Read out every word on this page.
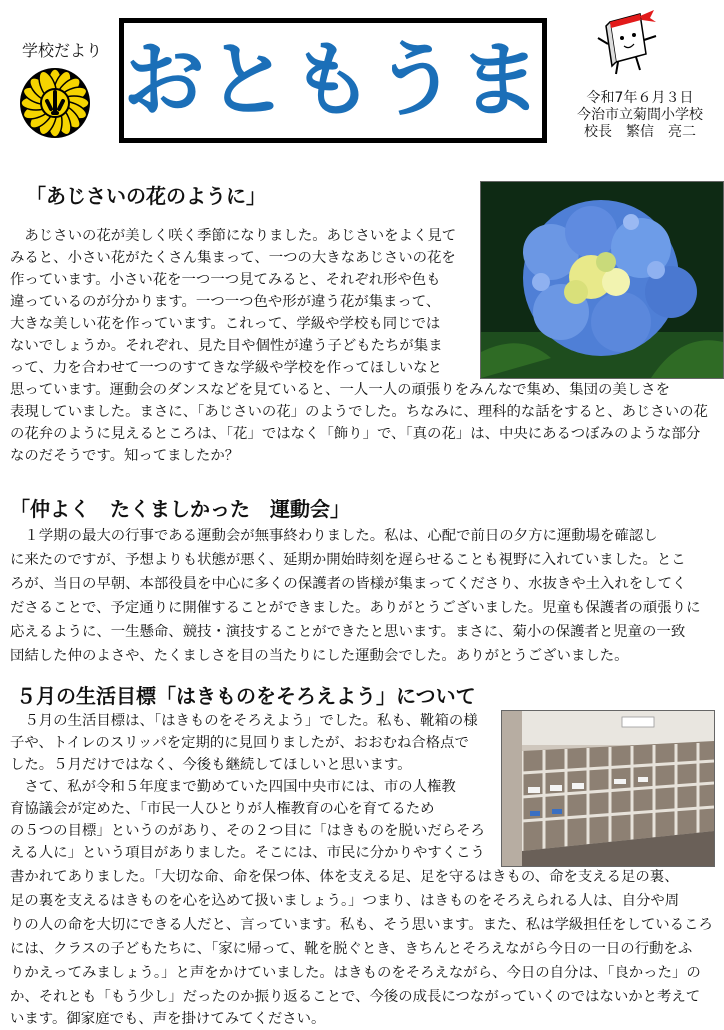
学校だより おともうま	令和7年６月３日
今治市立菊間小学校
校長　繁信　亮二
「あじさいの花のように」
　あじさいの花が美しく咲く季節になりました。あじさいをよく見て
みると、小さい花がたくさん集まって、一つの大きなあじさいの花を
作っています。小さい花を一つ一つ見てみると、それぞれ形や色も
違っているのが分かります。一つ一つ色や形が違う花が集まって、
大きな美しい花を作っています。これって、学級や学校も同じでは
ないでしょうか。それぞれ、見た目や個性が違う子どもたちが集ま
って、力を合わせて一つのすてきな学級や学校を作ってほしいなと
思っています。運動会のダンスなどを見ていると、一人一人の頑張りをみんなで集め、集団の美しさを
表現していました。まさに、「あじさいの花」のようでした。ちなみに、理科的な話をすると、あじさいの花
の花弁のように見えるところは、「花」ではなく「飾り」で、「真の花」は、中央にあるつぼみのような部分
なのだそうです。知ってましたか？
「仲よく　たくましかった　運動会」
　１学期の最大の行事である運動会が無事終わりました。私は、心配で前日の夕方に運動場を確認し
に来たのですが、予想よりも状態が悪く、延期か開始時刻を遅らせることも視野に入れていました。とこ
ろが、当日の早朝、本部役員を中心に多くの保護者の皆様が集まってくださり、水抜きや土入れをしてく
ださることで、予定通りに開催することができました。ありがとうございました。児童も保護者の頑張りに
応えるように、一生懸命、競技・演技することができたと思います。まさに、菊小の保護者と児童の一致
団結した仲のよさや、たくましさを目の当たりにした運動会でした。ありがとうございました。
５月の生活目標「はきものをそろえよう」について
　５月の生活目標は、「はきものをそろえよう」でした。私も、靴箱の様
子や、トイレのスリッパを定期的に見回りましたが、おおむね合格点で
した。５月だけではなく、今後も継続してほしいと思います。
　さて、私が令和５年度まで勤めていた四国中央市には、市の人権教
育協議会が定めた、「市民一人ひとりが人権教育の心を育てるため
の５つの目標」というのがあり、その２つ目に「はきものを脱いだらそろ
える人に」という項目がありました。そこには、市民に分かりやすくこう
書かれてありました。「大切な命、命を保つ体、体を支える足、足を守るはきもの、命を支える足の裏、
足の裏を支えるはきものを心を込めて扱いましょう。」つまり、はきものをそろえられる人は、自分や周
りの人の命を大切にできる人だと、言っています。私も、そう思います。また、私は学級担任をしているころ
には、クラスの子どもたちに、「家に帰って、靴を脱ぐとき、きちんとそろえながら今日の一日の行動をふ
りかえってみましょう。」と声をかけていました。はきものをそろえながら、今日の自分は、「良かった」の
か、それとも「もう少し」だったのか振り返ることで、今後の成長につながっていくのではないかと考えて
います。御家庭でも、声を掛けてみてください。
